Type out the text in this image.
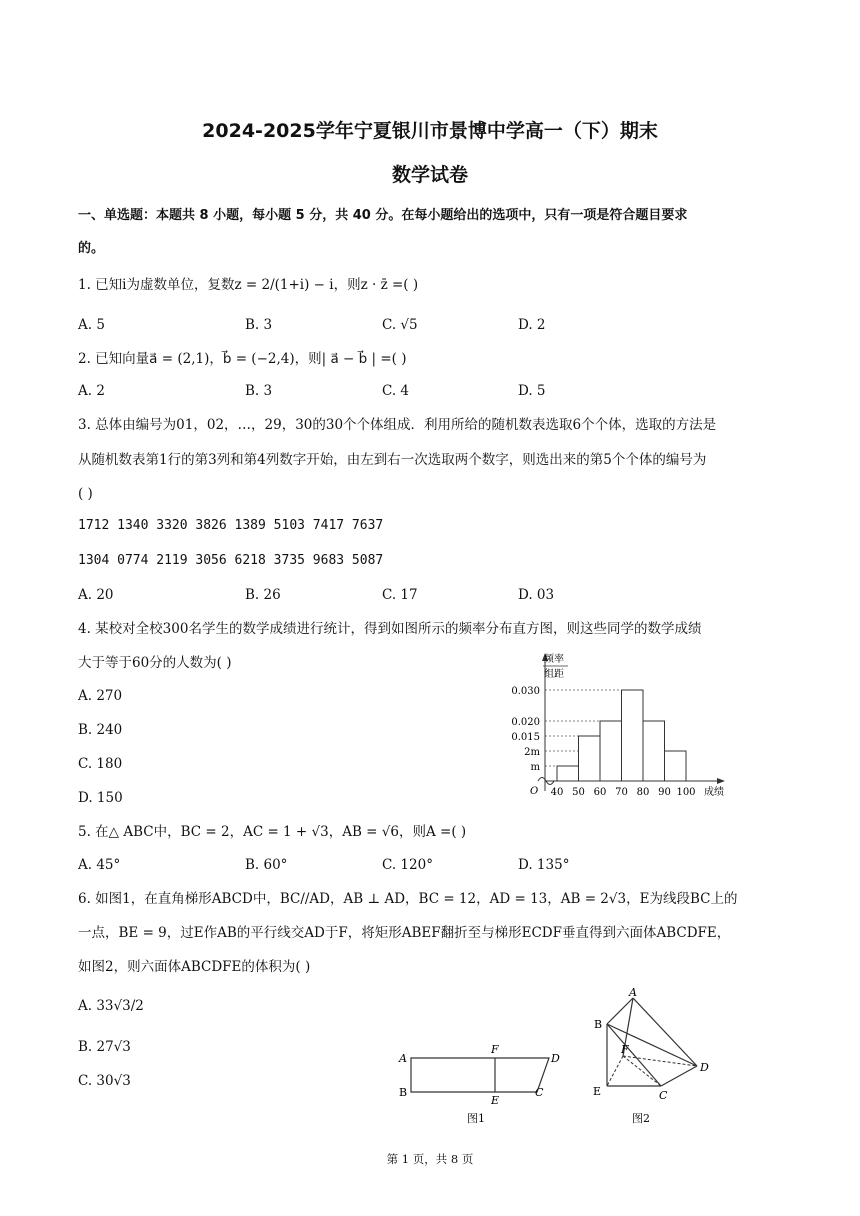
2024-2025学年宁夏银川市景博中学高一（下）期末
数学试卷
一、单选题：本题共 8 小题，每小题 5 分，共 40 分。在每小题给出的选项中，只有一项是符合题目要求
的。
1. 已知i为虚数单位，复数z = 2/(1+i) − i，则z · z̄ =( )
A. 5	B. 3	C. √5	D. 2
2. 已知向量a⃗ = (2,1)，b⃗ = (−2,4)，则| a⃗ − b⃗ | =( )
A. 2	B. 3	C. 4	D. 5
3. 总体由编号为01，02，…，29，30的30个个体组成．利用所给的随机数表选取6个个体，选取的方法是
从随机数表第1行的第3列和第4列数字开始，由左到右一次选取两个数字，则选出来的第5个个体的编号为
( )
1712 1340 3320 3826 1389 5103 7417 7637
1304 0774 2119 3056 6218 3735 9683 5087
A. 20	B. 26	C. 17	D. 03
4. 某校对全校300名学生的数学成绩进行统计，得到如图所示的频率分布直方图，则这些同学的数学成绩
大于等于60分的人数为( )
A. 270
B. 240
C. 180
D. 150
频率
组距
0.030
0.020
0.015
2m
m
O 40 50 60 70 80 90 100 成绩
5. 在△ ABC中，BC = 2，AC = 1 + √3，AB = √6，则A =( )
A. 45°	B. 60°	C. 120°	D. 135°
6. 如图1，在直角梯形ABCD中，BC//AD，AB ⊥ AD，BC = 12，AD = 13，AB = 2√3，E为线段BC上的
一点，BE = 9，过E作AB的平行线交AD于F，将矩形ABEF翻折至与梯形ECDF垂直得到六面体ABCDFE，
如图2，则六面体ABCDFE的体积为( )
A. 33√3/2
B. 27√3
C. 30√3
A
F
D
B
E
C
图1
A
B
F
D
E	C
图2
第 1 页，共 8 页
